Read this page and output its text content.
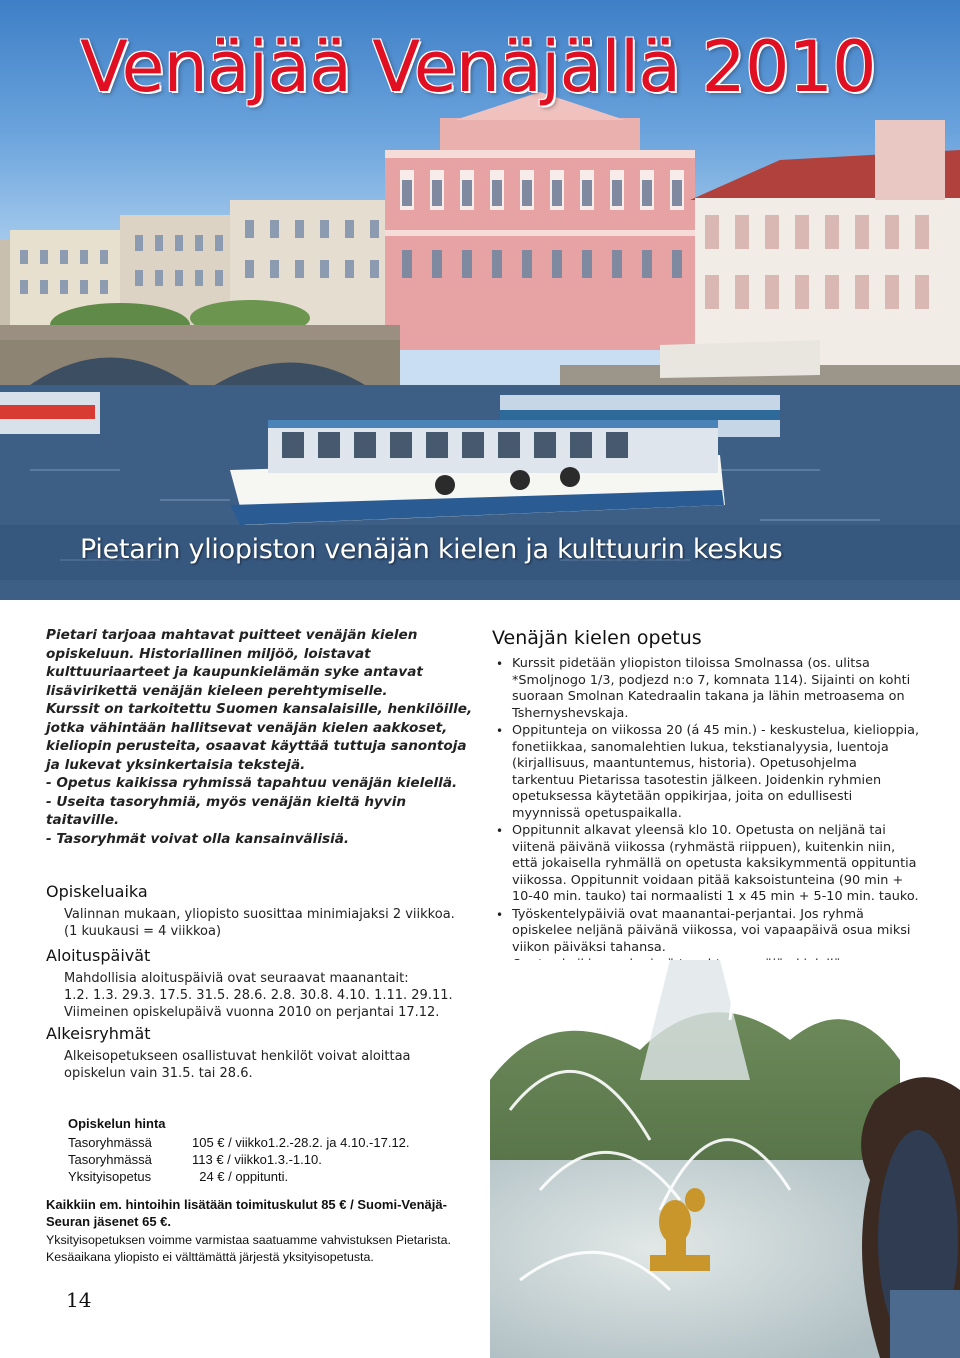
Venäjää Venäjällä 2010
Pietarin yliopiston venäjän kielen ja kulttuurin keskus

Pietari tarjoaa mahtavat puitteet venäjän kielen opiskeluun. Historiallinen miljöö, loistavat kulttuuriaarteet ja kaupunkielämän syke antavat lisävirikettä venäjän kieleen perehtymiselle.

Kurssit on tarkoitettu Suomen kansalaisille, henkilöille, jotka vähintään hallitsevat venäjän kielen aakkoset, kieliopin perusteita, osaavat käyttää tuttuja sanontoja ja lukevat yksinkertaisia tekstejä.

- Opetus kaikissa ryhmissä tapahtuu venäjän kielellä.

- Useita tasoryhmiä, myös venäjän kieltä hyvin taitaville.

- Tasoryhmät voivat olla kansainvälisiä.

Opiskeluaika
Valinnan mukaan, yliopisto suosittaa minimiajaksi 2 viikkoa.
(1 kuukausi = 4 viikkoa)
Aloituspäivät
Mahdollisia aloituspäiviä ovat seuraavat maanantait:
1.2. 1.3. 29.3. 17.5. 31.5. 28.6. 2.8. 30.8. 4.10. 1.11. 29.11.
Viimeinen opiskelupäivä vuonna 2010 on perjantai 17.12.
Alkeisryhmät
Alkeisopetukseen osallistuvat henkilöt voivat aloittaa opiskelun vain 31.5. tai 28.6.
Venäjän kielen opetus
• Kurssit pidetään yliopiston tiloissa Smolnassa (os. ulitsa *Smoljnogo 1/3, podjezd n:o 7, komnata 114). Sijainti on kohti suoraan Smolnan Katedraalin takana ja lähin metroasema on Tshernyshevskaja.
• Oppitunteja on viikossa 20 (á 45 min.) - keskustelua, kielioppia, fonetiikkaa, sanomalehtien lukua, tekstianalyysia, luentoja (kirjallisuus, maantuntemus, historia). Opetusohjelma tarkentuu Pietarissa tasotestin jälkeen. Joidenkin ryhmien opetuksessa käytetään oppikirjaa, joita on edullisesti myynnissä opetuspaikalla.
• Oppitunnit alkavat yleensä klo 10. Opetusta on neljänä tai viitenä päivänä viikossa (ryhmästä riippuen), kuitenkin niin, että jokaisella ryhmällä on opetusta kaksikymmentä oppituntia viikossa. Oppitunnit voidaan pitää kaksoistunteina (90 min + 10-40 min. tauko) tai normaalisti 1 x 45 min + 5-10 min. tauko.
• Työskentelypäiviä ovat maanantai-perjantai. Jos ryhmä opiskelee neljänä päivänä viikossa, voi vapaapäivä osua miksi viikon päiväksi tahansa.
Opiskelun hinta
Tasoryhmässä	105 € / viikko1.2.-28.2. ja 4.10.-17.12.
Tasoryhmässä	113 € / viikko1.3.-1.10.
Yksityisopetus	24 € / oppitunti.
Kaikkiin em. hintoihin lisätään toimituskulut 85 € / Suomi-Venäjä-Seuran jäsenet 65 €.
Yksityisopetuksen voimme varmistaa saatuamme vahvistuksen Pietarista. Kesäaikana yliopisto ei välttämättä järjestä yksityisopetusta.
14
